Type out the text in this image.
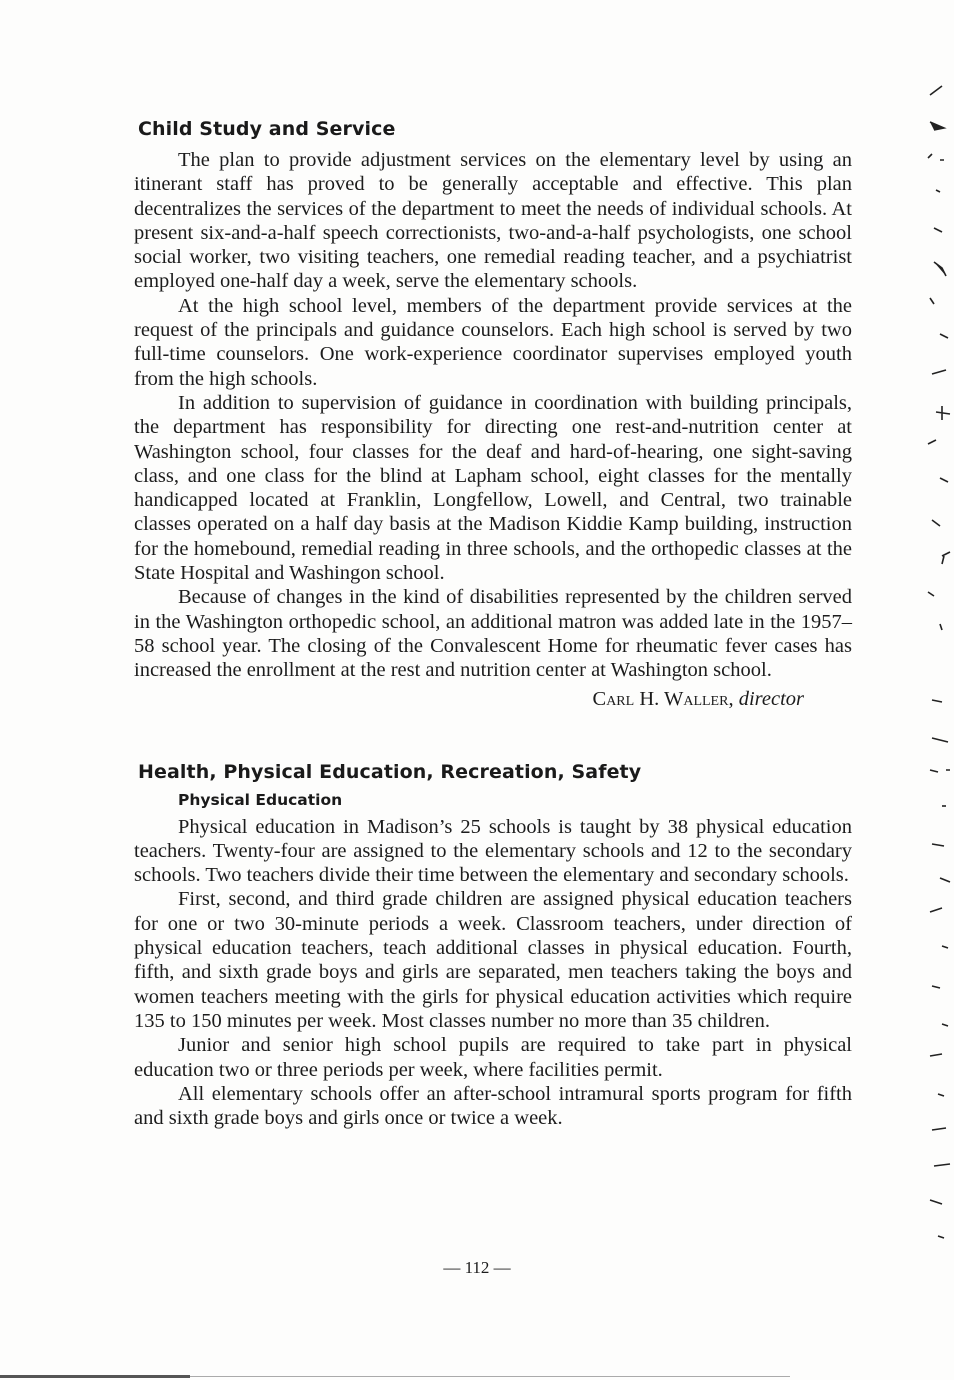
Child Study and Service

The plan to provide adjustment services on the elementary level by using an itinerant staff has proved to be generally acceptable and effective. This plan decentralizes the services of the department to meet the needs of individual schools. At present six-and-a-half speech correctionists, two-and-a-half psychologists, one school social worker, two visiting teachers, one remedial reading teacher, and a psychiatrist employed one-half day a week, serve the elementary schools.

At the high school level, members of the department provide services at the request of the principals and guidance counselors. Each high school is served by two full-time counselors. One work-experience coordinator supervises employed youth from the high schools.

In addition to supervision of guidance in coordination with building principals, the department has responsibility for directing one rest-and-nutrition center at Washington school, four classes for the deaf and hard-of-hearing, one sight-saving class, and one class for the blind at Lapham school, eight classes for the mentally handicapped located at Franklin, Longfellow, Lowell, and Central, two trainable classes operated on a half day basis at the Madison Kiddie Kamp building, instruction for the homebound, remedial reading in three schools, and the orthopedic classes at the State Hospital and Washingon school.

Because of changes in the kind of disabilities represented by the children served in the Washington orthopedic school, an additional matron was added late in the 1957–58 school year. The closing of the Convalescent Home for rheumatic fever cases has increased the enrollment at the rest and nutrition center at Washington school.

Carl H. Waller, director
Health, Physical Education, Recreation, Safety
Physical Education

Physical education in Madison’s 25 schools is taught by 38 physical education teachers. Twenty-four are assigned to the elementary schools and 12 to the secondary schools. Two teachers divide their time between the elementary and secondary schools.

First, second, and third grade children are assigned physical education teachers for one or two 30-minute periods a week. Classroom teachers, under direction of physical education teachers, teach additional classes in physical education. Fourth, fifth, and sixth grade boys and girls are separated, men teachers taking the boys and women teachers meeting with the girls for physical education activities which require 135 to 150 minutes per week. Most classes number no more than 35 children.

Junior and senior high school pupils are required to take part in physical education two or three periods per week, where facilities permit.

All elementary schools offer an after-school intramural sports program for fifth and sixth grade boys and girls once or twice a week.

— 112 —
